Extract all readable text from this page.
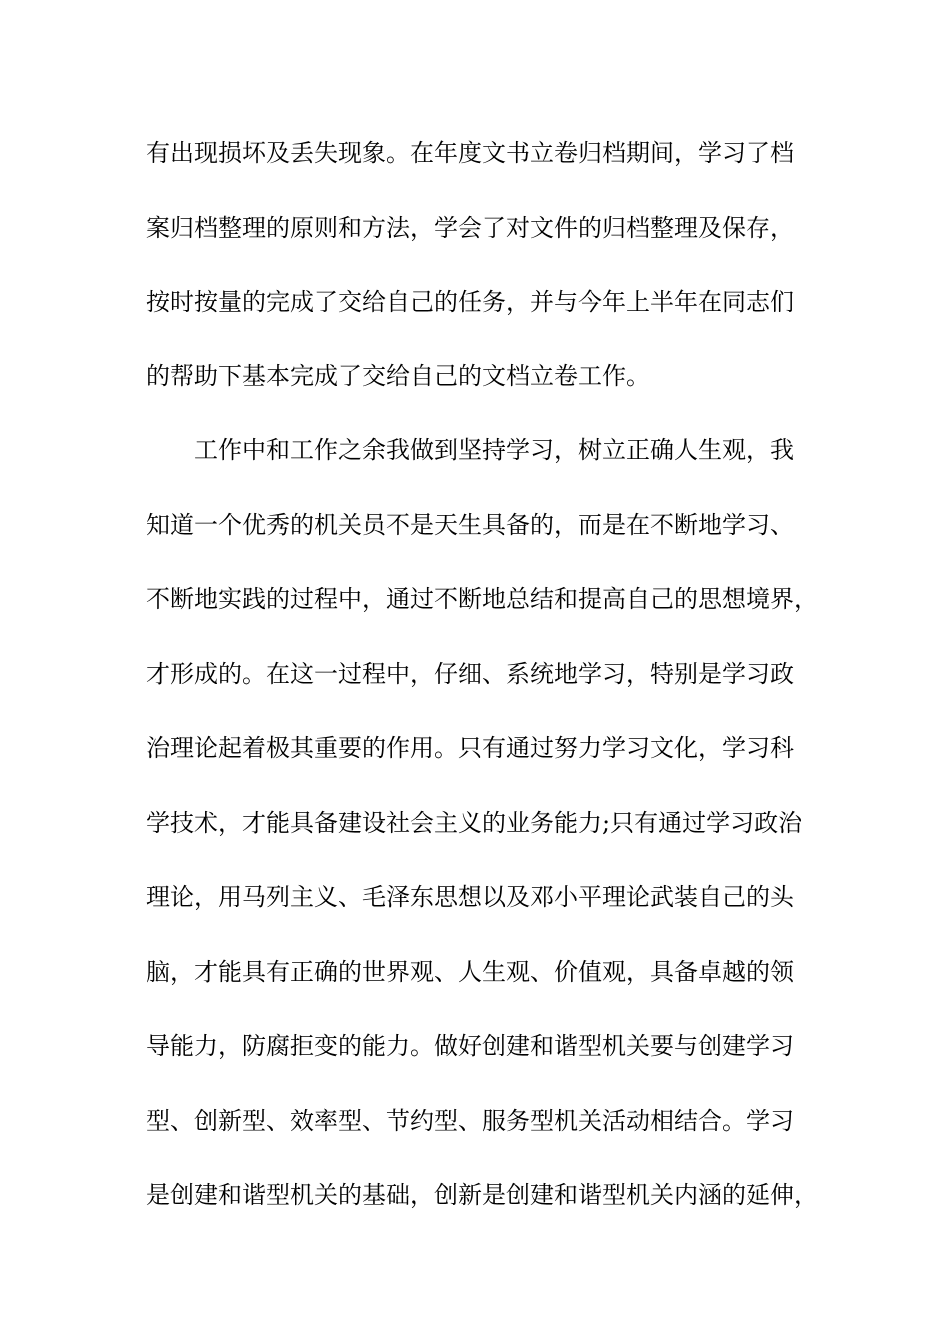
有出现损坏及丢失现象。在年度文书立卷归档期间，学习了档
案归档整理的原则和方法，学会了对文件的归档整理及保存，
按时按量的完成了交给自己的任务，并与今年上半年在同志们
的帮助下基本完成了交给自己的文档立卷工作。
工作中和工作之余我做到坚持学习，树立正确人生观，我
知道一个优秀的机关员不是天生具备的，而是在不断地学习、
不断地实践的过程中，通过不断地总结和提高自己的思想境界，
才形成的。在这一过程中，仔细、系统地学习，特别是学习政
治理论起着极其重要的作用。只有通过努力学习文化，学习科
学技术，才能具备建设社会主义的业务能力;只有通过学习政治
理论，用马列主义、毛泽东思想以及邓小平理论武装自己的头
脑，才能具有正确的世界观、人生观、价值观，具备卓越的领
导能力，防腐拒变的能力。做好创建和谐型机关要与创建学习
型、创新型、效率型、节约型、服务型机关活动相结合。学习
是创建和谐型机关的基础，创新是创建和谐型机关内涵的延伸，
